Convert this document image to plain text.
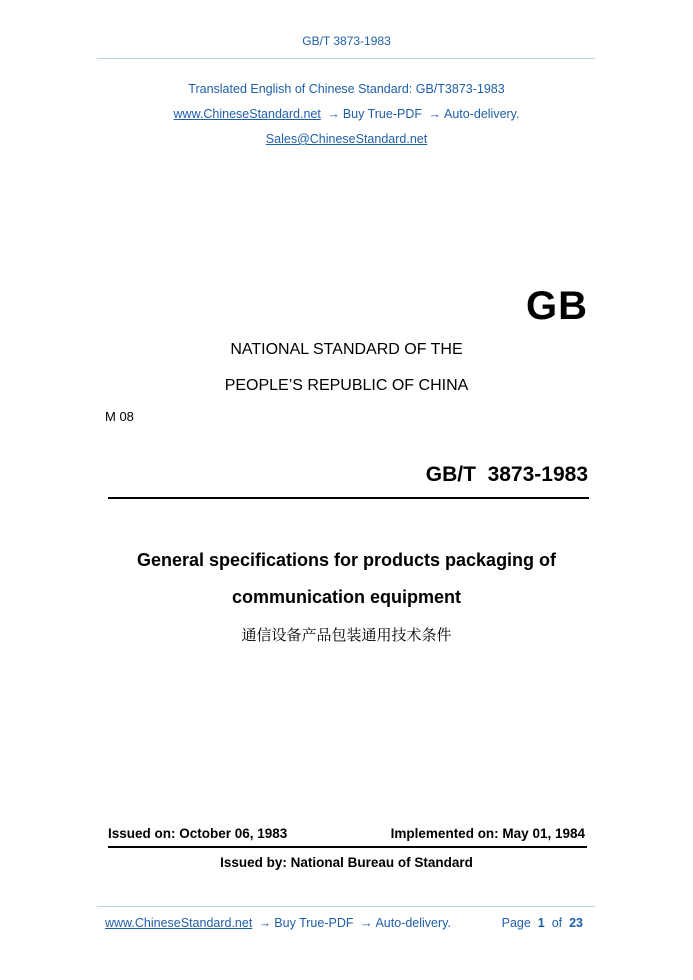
GB/T 3873-1983
Translated English of Chinese Standard: GB/T3873-1983
www.ChineseStandard.net → Buy True-PDF → Auto-delivery.
Sales@ChineseStandard.net
GB
NATIONAL STANDARD OF THE
PEOPLE’S REPUBLIC OF CHINA
M 08
GB/T  3873-1983
General specifications for products packaging of
communication equipment
通信设备产品包装通用技术条件
Issued on: October 06, 1983	Implemented on: May 01, 1984
Issued by: National Bureau of Standard
www.ChineseStandard.net → Buy True-PDF → Auto-delivery.	Page 1 of 23
